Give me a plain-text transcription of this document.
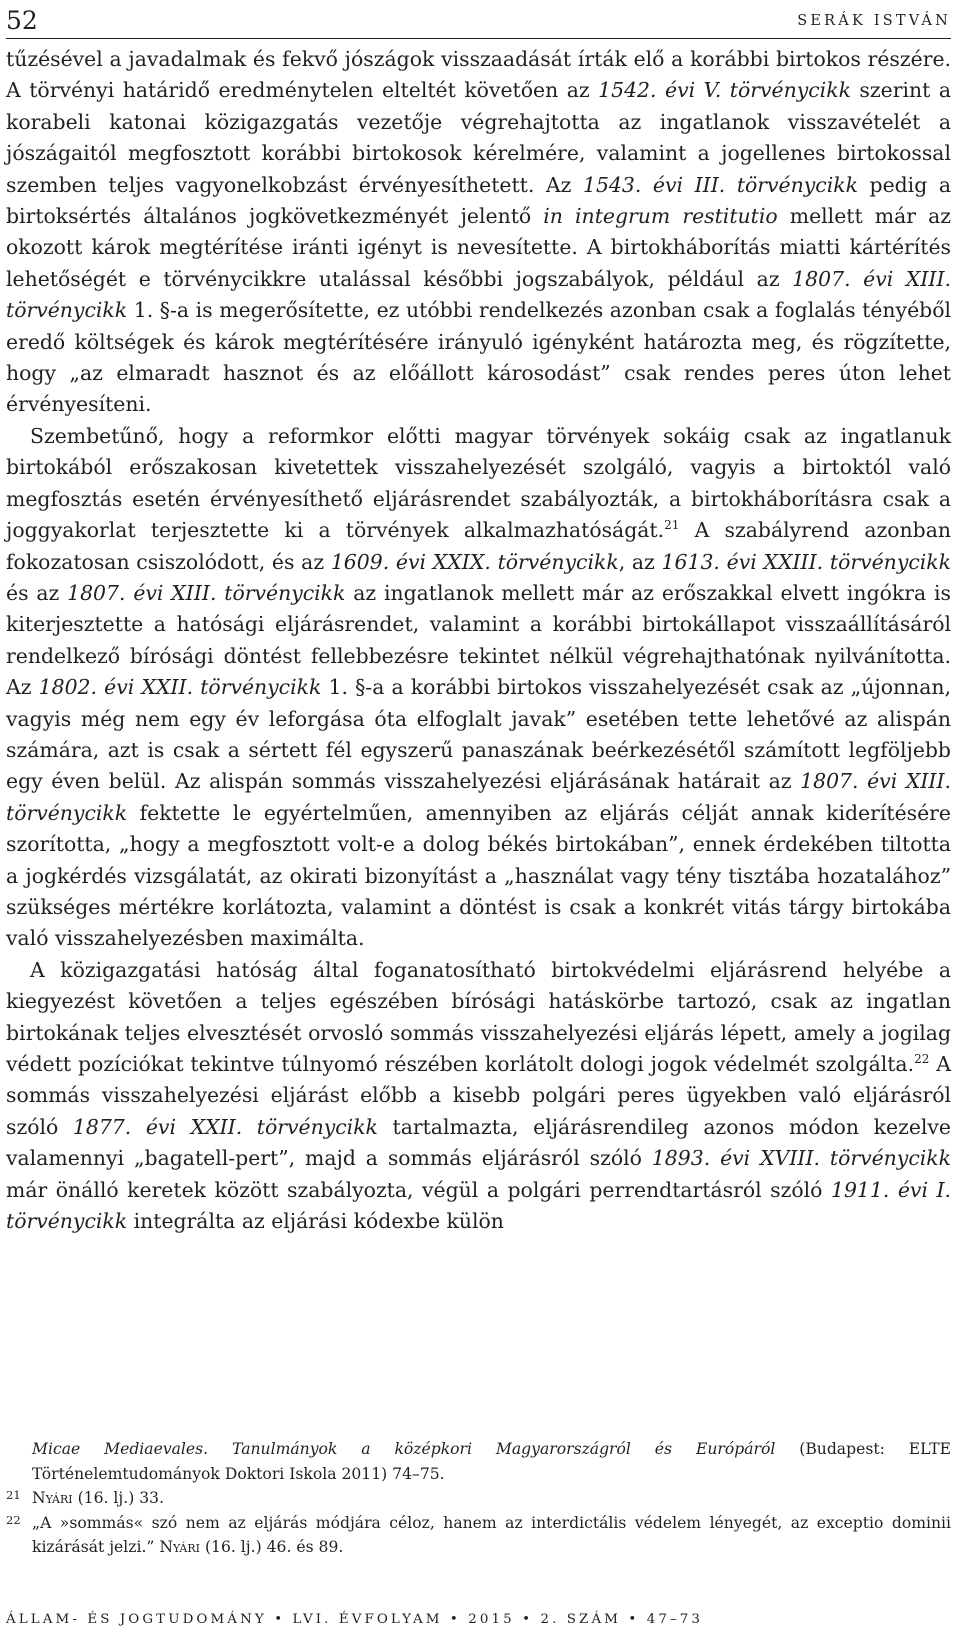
52	SERÁK ISTVÁN

tűzésével a javadalmak és fekvő jószágok visszaadását írták elő a korábbi birtokos részére. A törvényi határidő eredménytelen elteltét követően az 1542. évi V. törvénycikk szerint a korabeli katonai közigazgatás vezetője végrehajtotta az ingatlanok visszavételét a jószágaitól megfosztott korábbi birtokosok kérelmére, valamint a jogellenes birtokossal szemben teljes vagyonelkobzást érvényesíthetett. Az 1543. évi III. törvénycikk pedig a birtoksértés általános jogkövetkezményét jelentő in integrum restitutio mellett már az okozott károk megtérítése iránti igényt is nevesítette. A birtokháborítás miatti kártérítés lehetőségét e törvénycikkre utalással későbbi jogszabályok, például az 1807. évi XIII. törvénycikk 1. §-a is megerősítette, ez utóbbi rendelkezés azonban csak a foglalás tényéből eredő költségek és károk megtérítésére irányuló igényként határozta meg, és rögzítette, hogy „az elmaradt hasznot és az előállott károsodást” csak rendes peres úton lehet érvényesíteni.

Szembetűnő, hogy a reformkor előtti magyar törvények sokáig csak az ingatlanuk birtokából erőszakosan kivetettek visszahelyezését szolgáló, vagyis a birtoktól való megfosztás esetén érvényesíthető eljárásrendet szabályozták, a birtokháborításra csak a joggyakorlat terjesztette ki a törvények alkalmazhatóságát.$^{21}$ A szabályrend azonban fokozatosan csiszolódott, és az 1609. évi XXIX. törvénycikk, az 1613. évi XXIII. törvénycikk és az 1807. évi XIII. törvénycikk az ingatlanok mellett már az erőszakkal elvett ingókra is kiterjesztette a hatósági eljárásrendet, valamint a korábbi birtokállapot visszaállításáról rendelkező bírósági döntést fellebbezésre tekintet nélkül végrehajthatónak nyilvánította. Az 1802. évi XXII. törvénycikk 1. §-a a korábbi birtokos visszahelyezését csak az „újonnan, vagyis még nem egy év leforgása óta elfoglalt javak” esetében tette lehetővé az alispán számára, azt is csak a sértett fél egyszerű panaszának beérkezésétől számított legföljebb egy éven belül. Az alispán sommás visszahelyezési eljárásának határait az 1807. évi XIII. törvénycikk fektette le egyértelműen, amennyiben az eljárás célját annak kiderítésére szorította, „hogy a megfosztott volt-e a dolog békés birtokában”, ennek érdekében tiltotta a jogkérdés vizsgálatát, az okirati bizonyítást a „használat vagy tény tisztába hozatalához” szükséges mértékre korlátozta, valamint a döntést is csak a konkrét vitás tárgy birtokába való visszahelyezésben maximálta.

A közigazgatási hatóság által foganatosítható birtokvédelmi eljárásrend helyébe a kiegyezést követően a teljes egészében bírósági hatáskörbe tartozó, csak az ingatlan birtokának teljes elvesztését orvosló sommás visszahelyezési eljárás lépett, amely a jogilag védett pozíciókat tekintve túlnyomó részében korlátolt dologi jogok védelmét szolgálta.$^{22}$ A sommás visszahelyezési eljárást előbb a kisebb polgári peres ügyekben való eljárásról szóló 1877. évi XXII. törvénycikk tartalmazta, eljárásrendileg azonos módon kezelve valamennyi „bagatell-pert”, majd a sommás eljárásról szóló 1893. évi XVIII. törvénycikk már önálló keretek között szabályozta, végül a polgári perrendtartásról szóló 1911. évi I. törvénycikk integrálta az eljárási kódexbe külön

Micae Mediaevales. Tanulmányok a középkori Magyarországról és Európáról (Budapest: ELTE Történelemtudományok Doktori Iskola 2011) 74–75.
21 Nyári (16. lj.) 33.
22 „A »sommás« szó nem az eljárás módjára céloz, hanem az interdictális védelem lényegét, az exceptio dominii kizárását jelzi.” Nyári (16. lj.) 46. és 89.
ÁLLAM- ÉS JOGTUDOMÁNY • LVI. ÉVFOLYAM • 2015 • 2. SZÁM • 47–73
